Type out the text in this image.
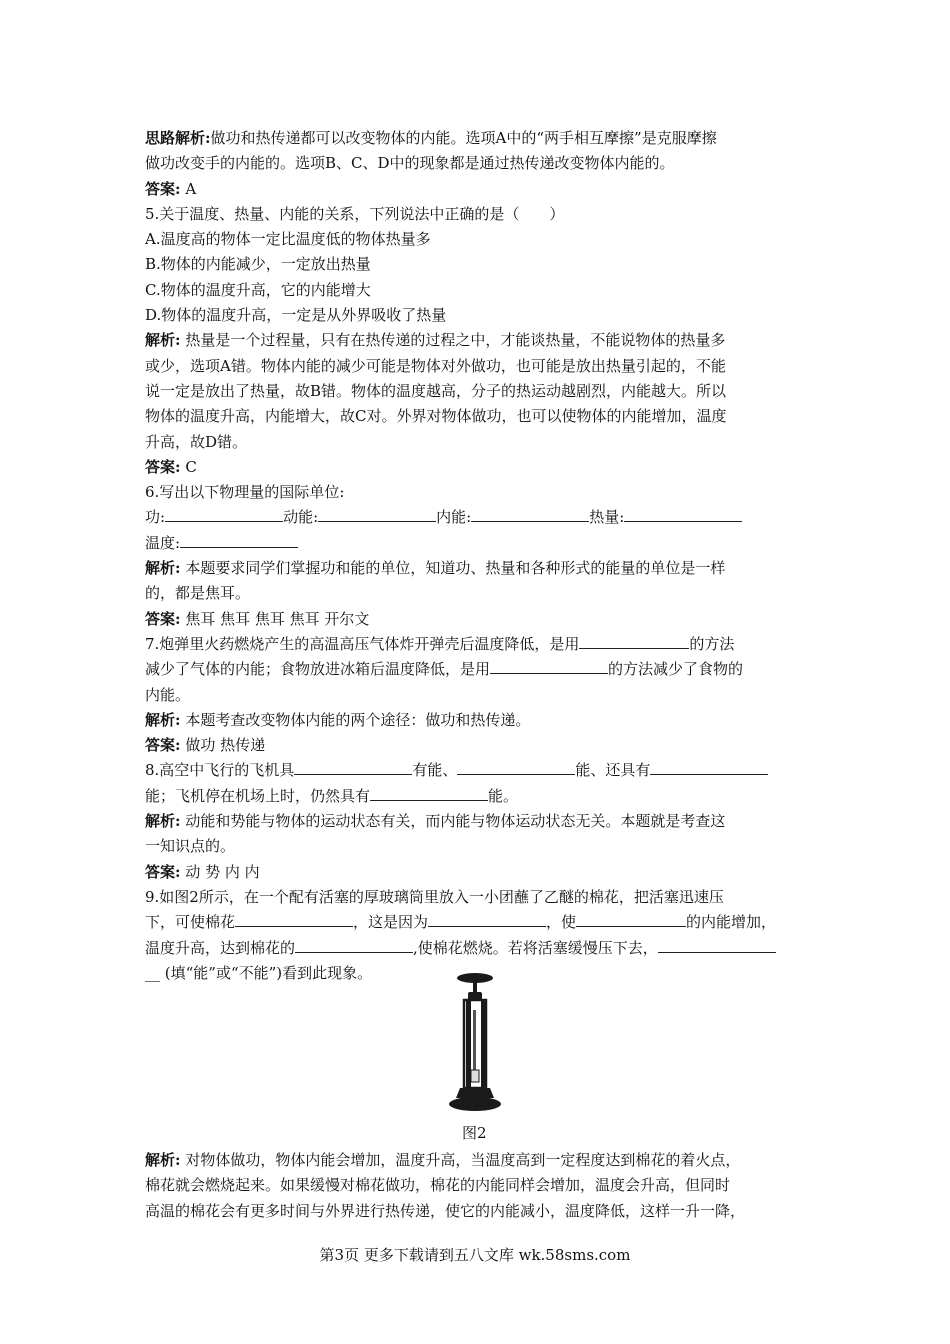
思路解析:做功和热传递都可以改变物体的内能。选项A中的“两手相互摩擦”是克服摩擦
做功改变手的内能的。选项B、C、D中的现象都是通过热传递改变物体内能的。
答案: A
5.关于温度、热量、内能的关系，下列说法中正确的是（　　）
A.温度高的物体一定比温度低的物体热量多
B.物体的内能减少，一定放出热量
C.物体的温度升高，它的内能增大
D.物体的温度升高，一定是从外界吸收了热量
解析: 热量是一个过程量，只有在热传递的过程之中，才能谈热量，不能说物体的热量多
或少，选项A错。物体内能的减少可能是物体对外做功，也可能是放出热量引起的，不能
说一定是放出了热量，故B错。物体的温度越高，分子的热运动越剧烈，内能越大。所以
物体的温度升高，内能增大，故C对。外界对物体做功，也可以使物体的内能增加，温度
升高，故D错。
答案: C
6.写出以下物理量的国际单位:
功:	动能:	内能:	热量:
温度:
解析: 本题要求同学们掌握功和能的单位，知道功、热量和各种形式的能量的单位是一样
的，都是焦耳。
答案: 焦耳 焦耳 焦耳 焦耳 开尔文
7.炮弹里火药燃烧产生的高温高压气体炸开弹壳后温度降低，是用	的方法
减少了气体的内能；食物放进冰箱后温度降低，是用	的方法减少了食物的
内能。
解析: 本题考查改变物体内能的两个途径：做功和热传递。
答案: 做功 热传递
8.高空中飞行的飞机具	有能、	能、还具有
能；飞机停在机场上时，仍然具有	能。
解析: 动能和势能与物体的运动状态有关，而内能与物体运动状态无关。本题就是考查这
一知识点的。
答案: 动 势 内 内
9.如图2所示，在一个配有活塞的厚玻璃筒里放入一小团蘸了乙醚的棉花，把活塞迅速压
下，可使棉花	，这是因为	，使	的内能增加，
温度升高，达到棉花的	,使棉花燃烧。若将活塞缓慢压下去，
__ (填“能”或“不能”)看到此现象。
图2
解析: 对物体做功，物体内能会增加，温度升高，当温度高到一定程度达到棉花的着火点，
棉花就会燃烧起来。如果缓慢对棉花做功，棉花的内能同样会增加，温度会升高，但同时
高温的棉花会有更多时间与外界进行热传递，使它的内能减小，温度降低，这样一升一降，
第3页 更多下载请到五八文库 wk.58sms.com
